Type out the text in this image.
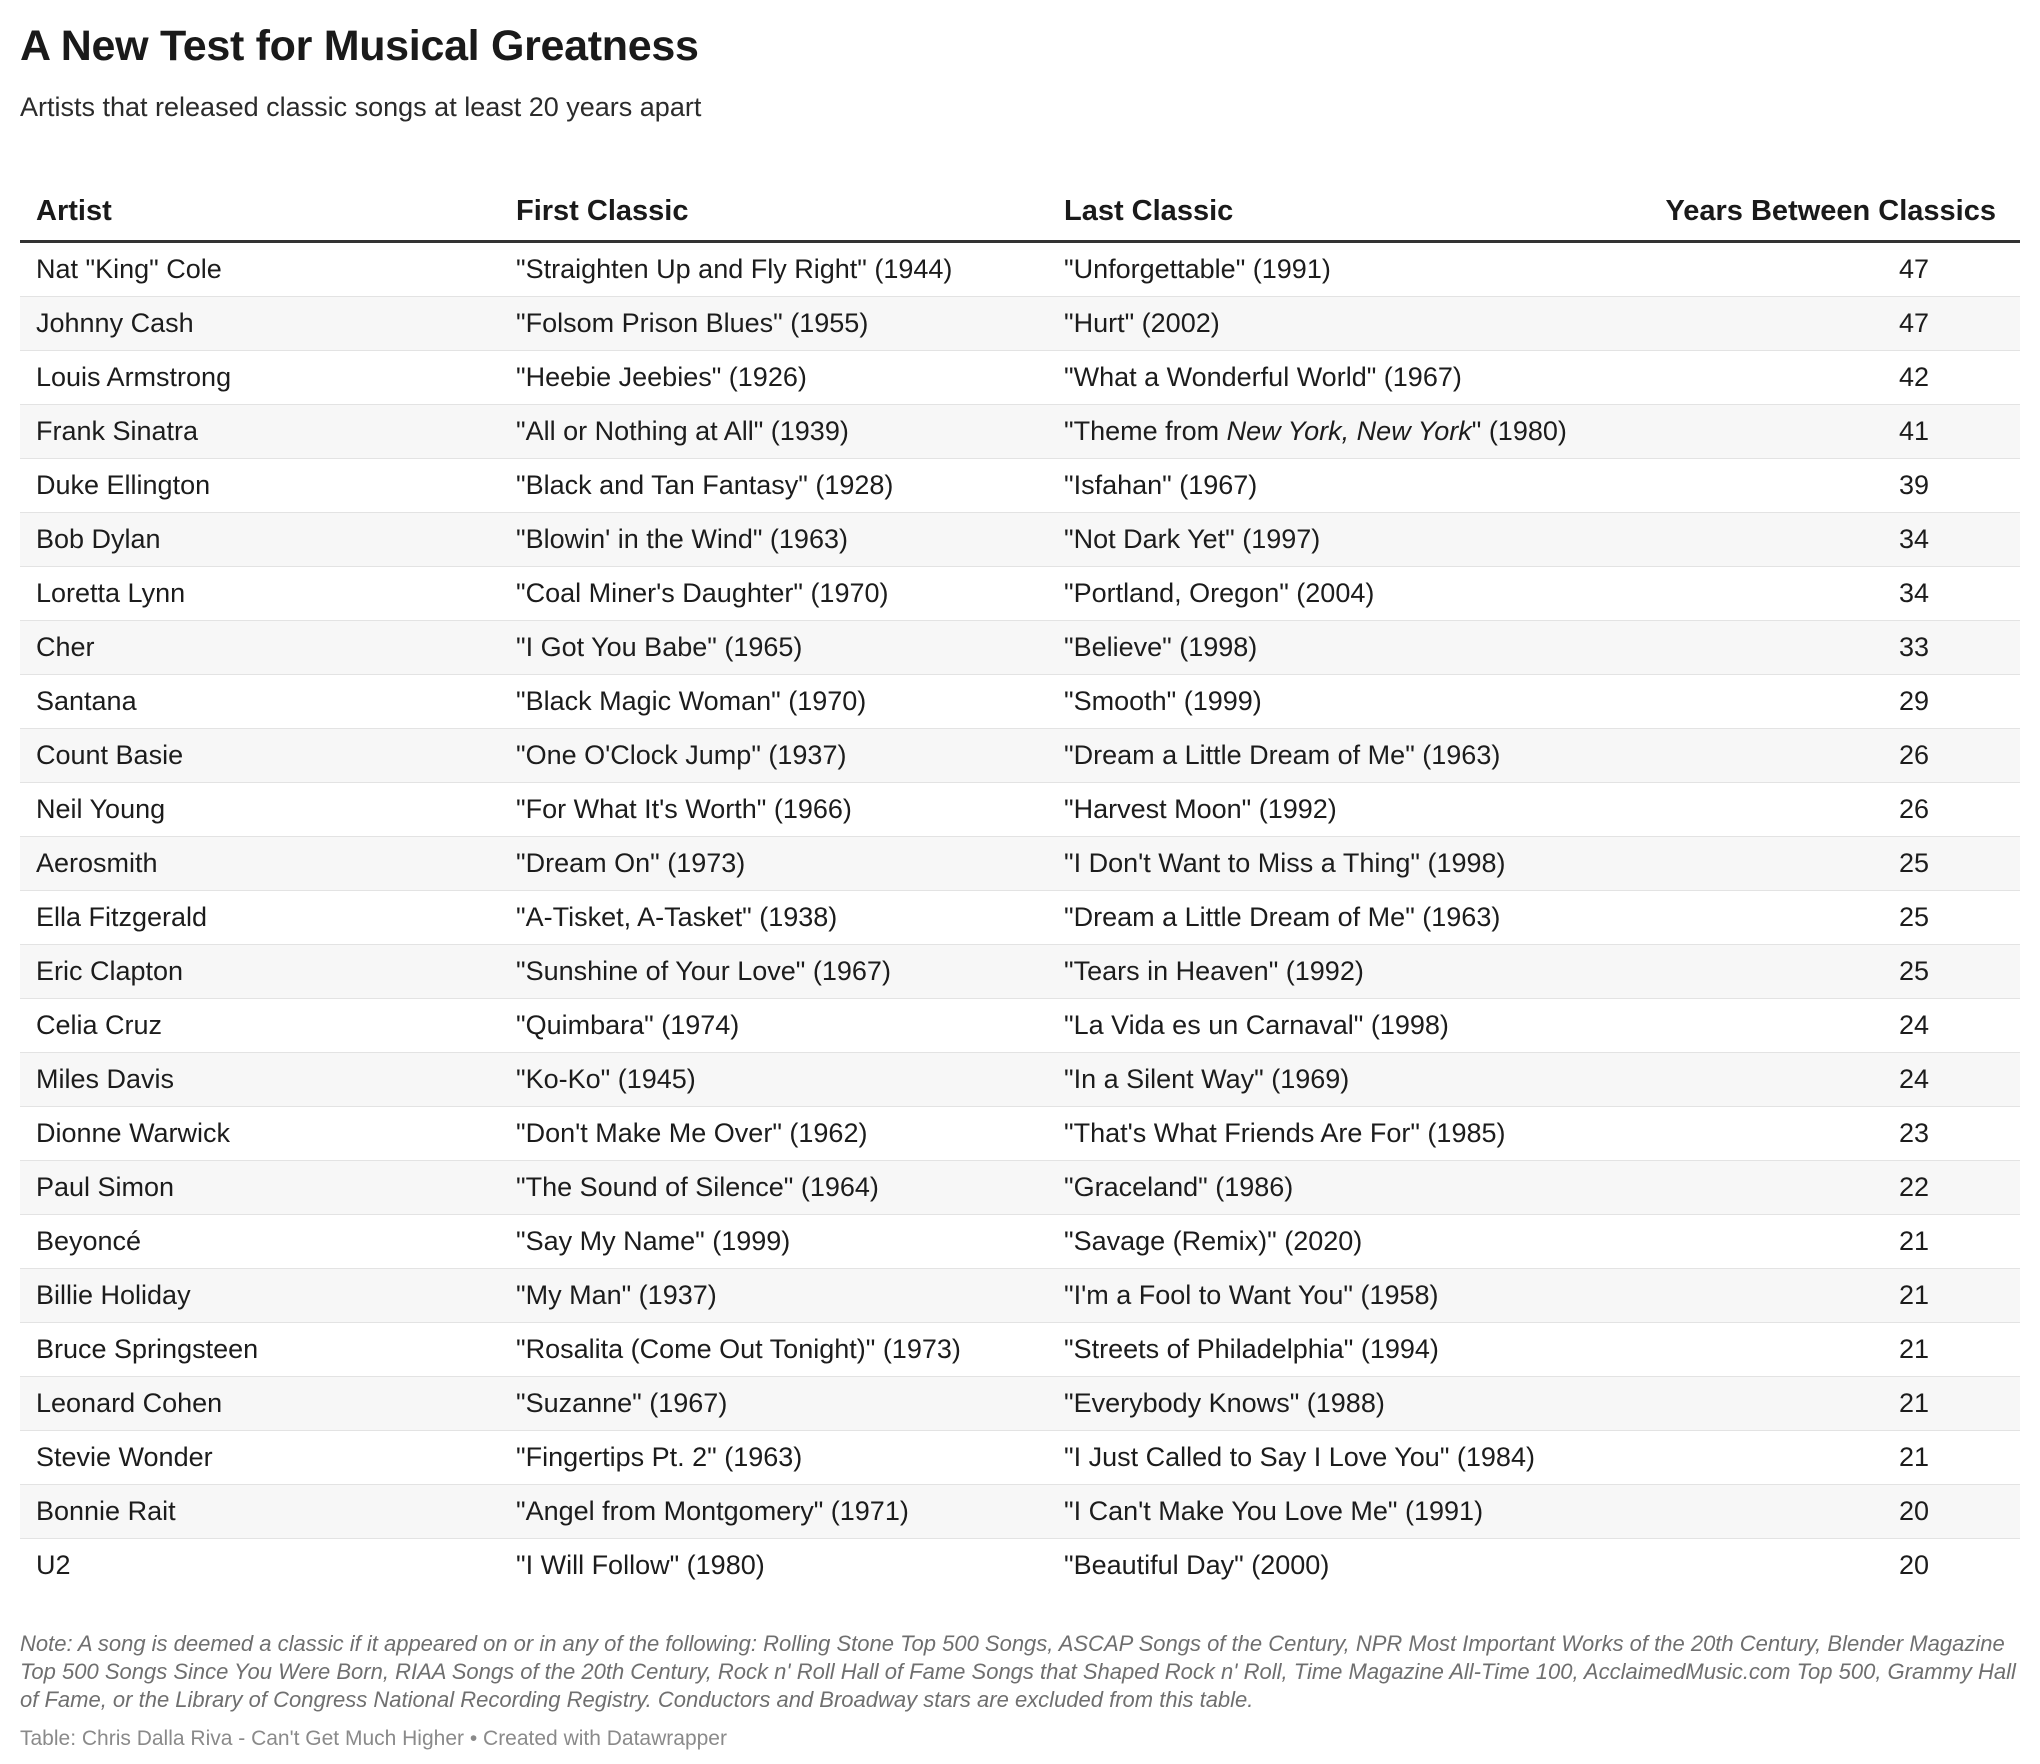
A New Test for Musical Greatness
Artists that released classic songs at least 20 years apart
Artist	First Classic	Last Classic	Years Between Classics
Nat "King" Cole	"Straighten Up and Fly Right" (1944)	"Unforgettable" (1991)	47
Johnny Cash	"Folsom Prison Blues" (1955)	"Hurt" (2002)	47
Louis Armstrong	"Heebie Jeebies" (1926)	"What a Wonderful World" (1967)	42
Frank Sinatra	"All or Nothing at All" (1939)	"Theme from New York, New York" (1980)	41
Duke Ellington	"Black and Tan Fantasy" (1928)	"Isfahan" (1967)	39
Bob Dylan	"Blowin' in the Wind" (1963)	"Not Dark Yet" (1997)	34
Loretta Lynn	"Coal Miner's Daughter" (1970)	"Portland, Oregon" (2004)	34
Cher	"I Got You Babe" (1965)	"Believe" (1998)	33
Santana	"Black Magic Woman" (1970)	"Smooth" (1999)	29
Count Basie	"One O'Clock Jump" (1937)	"Dream a Little Dream of Me" (1963)	26
Neil Young	"For What It's Worth" (1966)	"Harvest Moon" (1992)	26
Aerosmith	"Dream On" (1973)	"I Don't Want to Miss a Thing" (1998)	25
Ella Fitzgerald	"A-Tisket, A-Tasket" (1938)	"Dream a Little Dream of Me" (1963)	25
Eric Clapton	"Sunshine of Your Love" (1967)	"Tears in Heaven" (1992)	25
Celia Cruz	"Quimbara" (1974)	"La Vida es un Carnaval" (1998)	24
Miles Davis	"Ko-Ko" (1945)	"In a Silent Way" (1969)	24
Dionne Warwick	"Don't Make Me Over" (1962)	"That's What Friends Are For" (1985)	23
Paul Simon	"The Sound of Silence" (1964)	"Graceland" (1986)	22
Beyoncé	"Say My Name" (1999)	"Savage (Remix)" (2020)	21
Billie Holiday	"My Man" (1937)	"I'm a Fool to Want You" (1958)	21
Bruce Springsteen	"Rosalita (Come Out Tonight)" (1973)	"Streets of Philadelphia" (1994)	21
Leonard Cohen	"Suzanne" (1967)	"Everybody Knows" (1988)	21
Stevie Wonder	"Fingertips Pt. 2" (1963)	"I Just Called to Say I Love You" (1984)	21
Bonnie Rait	"Angel from Montgomery" (1971)	"I Can't Make You Love Me" (1991)	20
U2	"I Will Follow" (1980)	"Beautiful Day" (2000)	20
Note: A song is deemed a classic if it appeared on or in any of the following: Rolling Stone Top 500 Songs, ASCAP Songs of the Century, NPR Most Important Works of the 20th Century, Blender Magazine Top 500 Songs Since You Were Born, RIAA Songs of the 20th Century, Rock n' Roll Hall of Fame Songs that Shaped Rock n' Roll, Time Magazine All-Time 100, AcclaimedMusic.com Top 500, Grammy Hall of Fame, or the Library of Congress National Recording Registry. Conductors and Broadway stars are excluded from this table.
Table: Chris Dalla Riva - Can't Get Much Higher • Created with Datawrapper
